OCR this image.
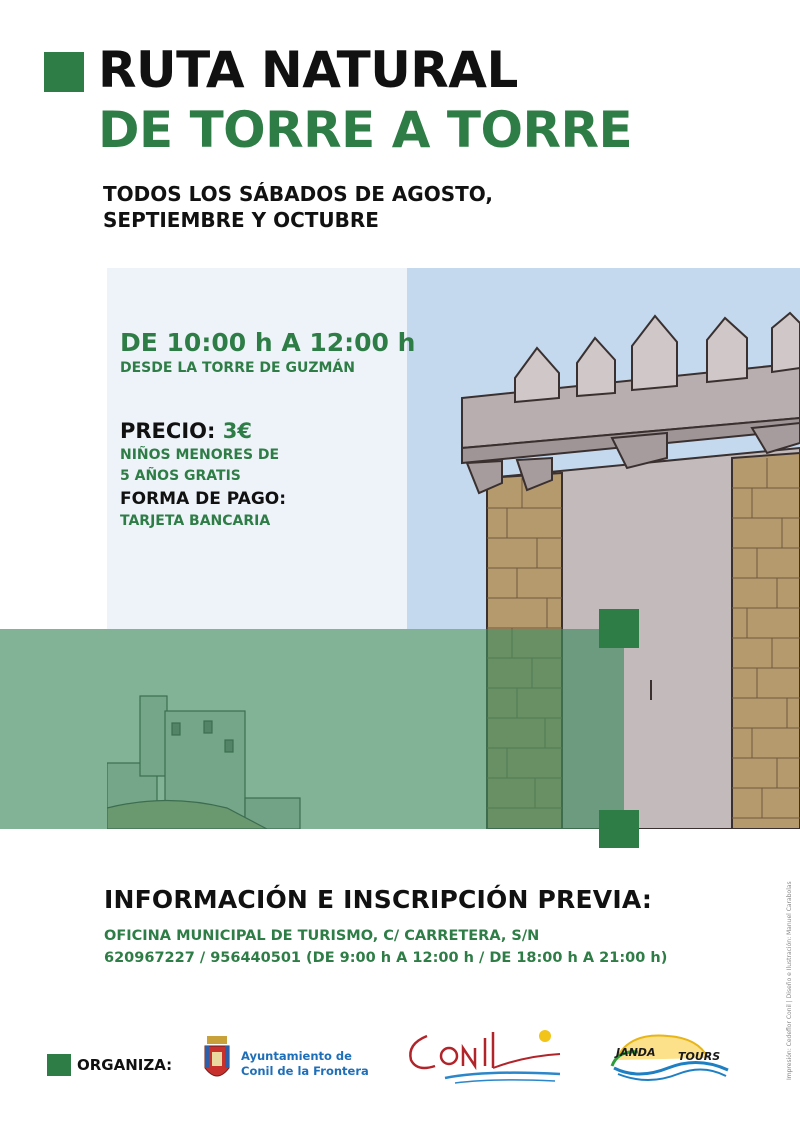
RUTA NATURAL
DE TORRE A TORRE
TODOS LOS SÁBADOS DE AGOSTO,
SEPTIEMBRE Y OCTUBRE
DE 10:00 h A 12:00 h
DESDE LA TORRE DE GUZMÁN
PRECIO: 3€
NIÑOS MENORES DE
5 AÑOS GRATIS
FORMA DE PAGO:
TARJETA BANCARIA
INFORMACIÓN E INSCRIPCIÓN PREVIA:
OFICINA MUNICIPAL DE TURISMO, C/ CARRETERA, S/N
620967227 / 956440501 (DE 9:00 h A 12:00 h / DE 18:00 h A 21:00 h)
ORGANIZA:	Ayuntamiento de
Conil de la Frontera
JANDA TOURS	Impresión: Cedeflor Conil | Diseño e Ilustración: Manuel Carabolas
